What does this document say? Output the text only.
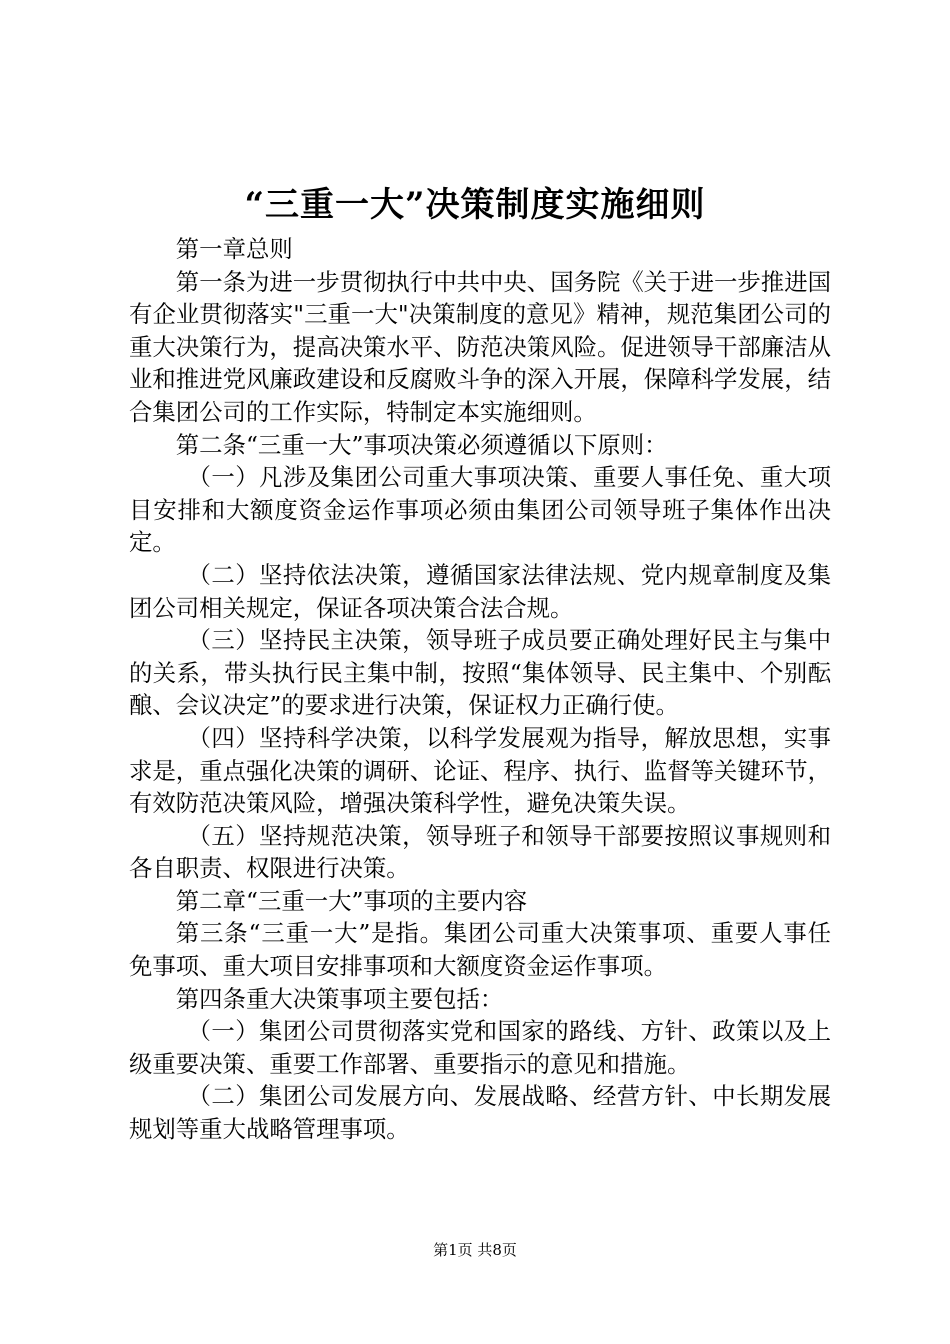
“三重一大”决策制度实施细则

第一章总则

第一条为进一步贯彻执行中共中央、国务院《关于进一步推进国有企业贯彻落实"三重一大"决策制度的意见》精神，规范集团公司的重大决策行为，提高决策水平、防范决策风险。促进领导干部廉洁从业和推进党风廉政建设和反腐败斗争的深入开展，保障科学发展，结合集团公司的工作实际，特制定本实施细则。

第二条“三重一大”事项决策必须遵循以下原则：

（一）凡涉及集团公司重大事项决策、重要人事任免、重大项目安排和大额度资金运作事项必须由集团公司领导班子集体作出决定。

（二）坚持依法决策，遵循国家法律法规、党内规章制度及集团公司相关规定，保证各项决策合法合规。

（三）坚持民主决策，领导班子成员要正确处理好民主与集中的关系，带头执行民主集中制，按照“集体领导、民主集中、个别酝酿、会议决定”的要求进行决策，保证权力正确行使。

（四）坚持科学决策，以科学发展观为指导，解放思想，实事求是，重点强化决策的调研、论证、程序、执行、监督等关键环节，有效防范决策风险，增强决策科学性，避免决策失误。

（五）坚持规范决策，领导班子和领导干部要按照议事规则和各自职责、权限进行决策。

第二章“三重一大”事项的主要内容

第三条“三重一大”是指。集团公司重大决策事项、重要人事任免事项、重大项目安排事项和大额度资金运作事项。

第四条重大决策事项主要包括：

（一）集团公司贯彻落实党和国家的路线、方针、政策以及上级重要决策、重要工作部署、重要指示的意见和措施。

（二）集团公司发展方向、发展战略、经营方针、中长期发展规划等重大战略管理事项。

第1页 共8页
